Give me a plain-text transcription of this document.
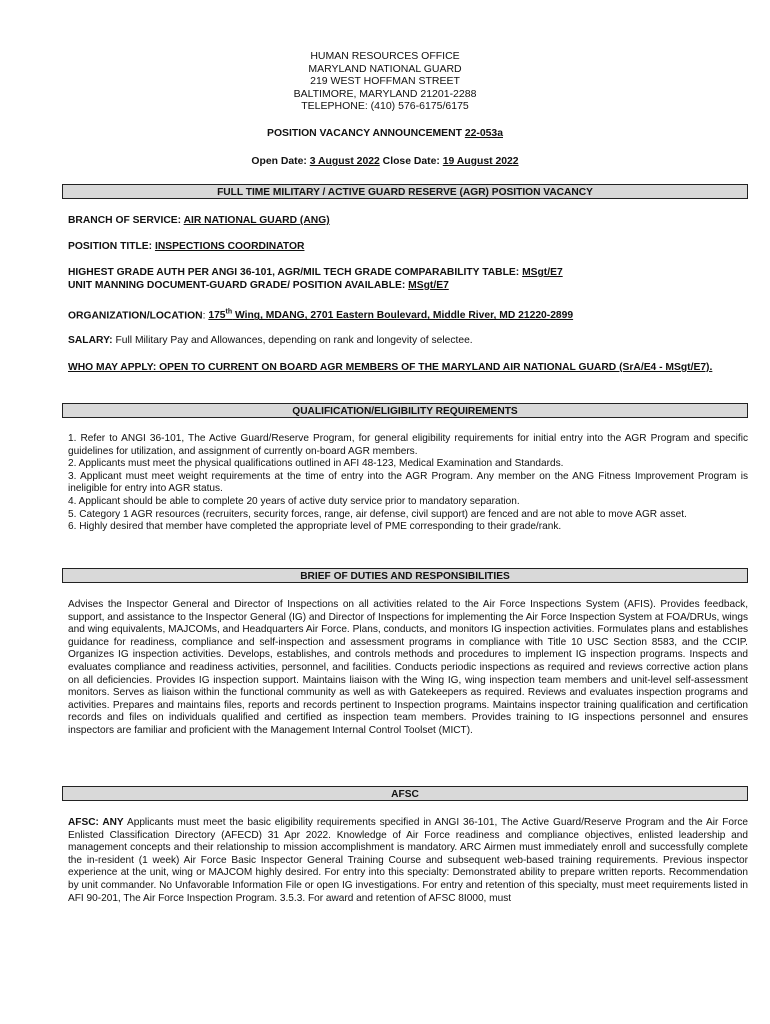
HUMAN RESOURCES OFFICE
MARYLAND NATIONAL GUARD
219 WEST HOFFMAN STREET
BALTIMORE, MARYLAND 21201-2288
TELEPHONE: (410) 576-6175/6175
POSITION VACANCY ANNOUNCEMENT 22-053a
Open Date: 3 August 2022 Close Date: 19 August 2022
FULL TIME MILITARY / ACTIVE GUARD RESERVE (AGR) POSITION VACANCY
BRANCH OF SERVICE: AIR NATIONAL GUARD (ANG)
POSITION TITLE: INSPECTIONS COORDINATOR
HIGHEST GRADE AUTH PER ANGI 36-101, AGR/MIL TECH GRADE COMPARABILITY TABLE: MSgt/E7
UNIT MANNING DOCUMENT-GUARD GRADE/ POSITION AVAILABLE: MSgt/E7
ORGANIZATION/LOCATION: 175th Wing, MDANG, 2701 Eastern Boulevard, Middle River, MD 21220-2899
SALARY: Full Military Pay and Allowances, depending on rank and longevity of selectee.
WHO MAY APPLY: OPEN TO CURRENT ON BOARD AGR MEMBERS OF THE MARYLAND AIR NATIONAL GUARD (SrA/E4 - MSgt/E7).
QUALIFICATION/ELIGIBILITY REQUIREMENTS

1. Refer to ANGI 36-101, The Active Guard/Reserve Program, for general eligibility requirements for initial entry into the AGR Program and specific guidelines for utilization, and assignment of currently on-board AGR members.

2. Applicants must meet the physical qualifications outlined in AFI 48-123, Medical Examination and Standards.

3. Applicant must meet weight requirements at the time of entry into the AGR Program. Any member on the ANG Fitness Improvement Program is ineligible for entry into AGR status.

4. Applicant should be able to complete 20 years of active duty service prior to mandatory separation.

5. Category 1 AGR resources (recruiters, security forces, range, air defense, civil support) are fenced and are not able to move AGR asset.

6. Highly desired that member have completed the appropriate level of PME corresponding to their grade/rank.

BRIEF OF DUTIES AND RESPONSIBILITIES
Advises the Inspector General and Director of Inspections on all activities related to the Air Force Inspections System (AFIS). Provides feedback, support, and assistance to the Inspector General (IG) and Director of Inspections for implementing the Air Force Inspection System at FOA/DRUs, wings and wing equivalents, MAJCOMs, and Headquarters Air Force. Plans, conducts, and monitors IG inspection activities. Formulates plans and establishes guidance for readiness, compliance and self-inspection and assessment programs in compliance with Title 10 USC Section 8583, and the CCIP. Organizes IG inspection activities. Develops, establishes, and controls methods and procedures to implement IG inspection programs. Inspects and evaluates compliance and readiness activities, personnel, and facilities. Conducts periodic inspections as required and reviews corrective action plans on all deficiencies. Provides IG inspection support. Maintains liaison with the Wing IG, wing inspection team members and unit-level self-assessment monitors. Serves as liaison within the functional community as well as with Gatekeepers as required. Reviews and evaluates inspection programs and activities. Prepares and maintains files, reports and records pertinent to Inspection programs. Maintains inspector training qualification and certification records and files on individuals qualified and certified as inspection team members. Provides training to IG inspections personnel and ensures inspectors are familiar and proficient with the Management Internal Control Toolset (MICT).
AFSC
AFSC: ANY Applicants must meet the basic eligibility requirements specified in ANGI 36-101, The Active Guard/Reserve Program and the Air Force Enlisted Classification Directory (AFECD) 31 Apr 2022. Knowledge of Air Force readiness and compliance objectives, enlisted leadership and management concepts and their relationship to mission accomplishment is mandatory. ARC Airmen must immediately enroll and successfully complete the in-resident (1 week) Air Force Basic Inspector General Training Course and subsequent web-based training requirements. Previous inspector experience at the unit, wing or MAJCOM highly desired. For entry into this specialty: Demonstrated ability to prepare written reports. Recommendation by unit commander. No Unfavorable Information File or open IG investigations. For entry and retention of this specialty, must meet requirements listed in AFI 90-201, The Air Force Inspection Program. 3.5.3. For award and retention of AFSC 8I000, must
